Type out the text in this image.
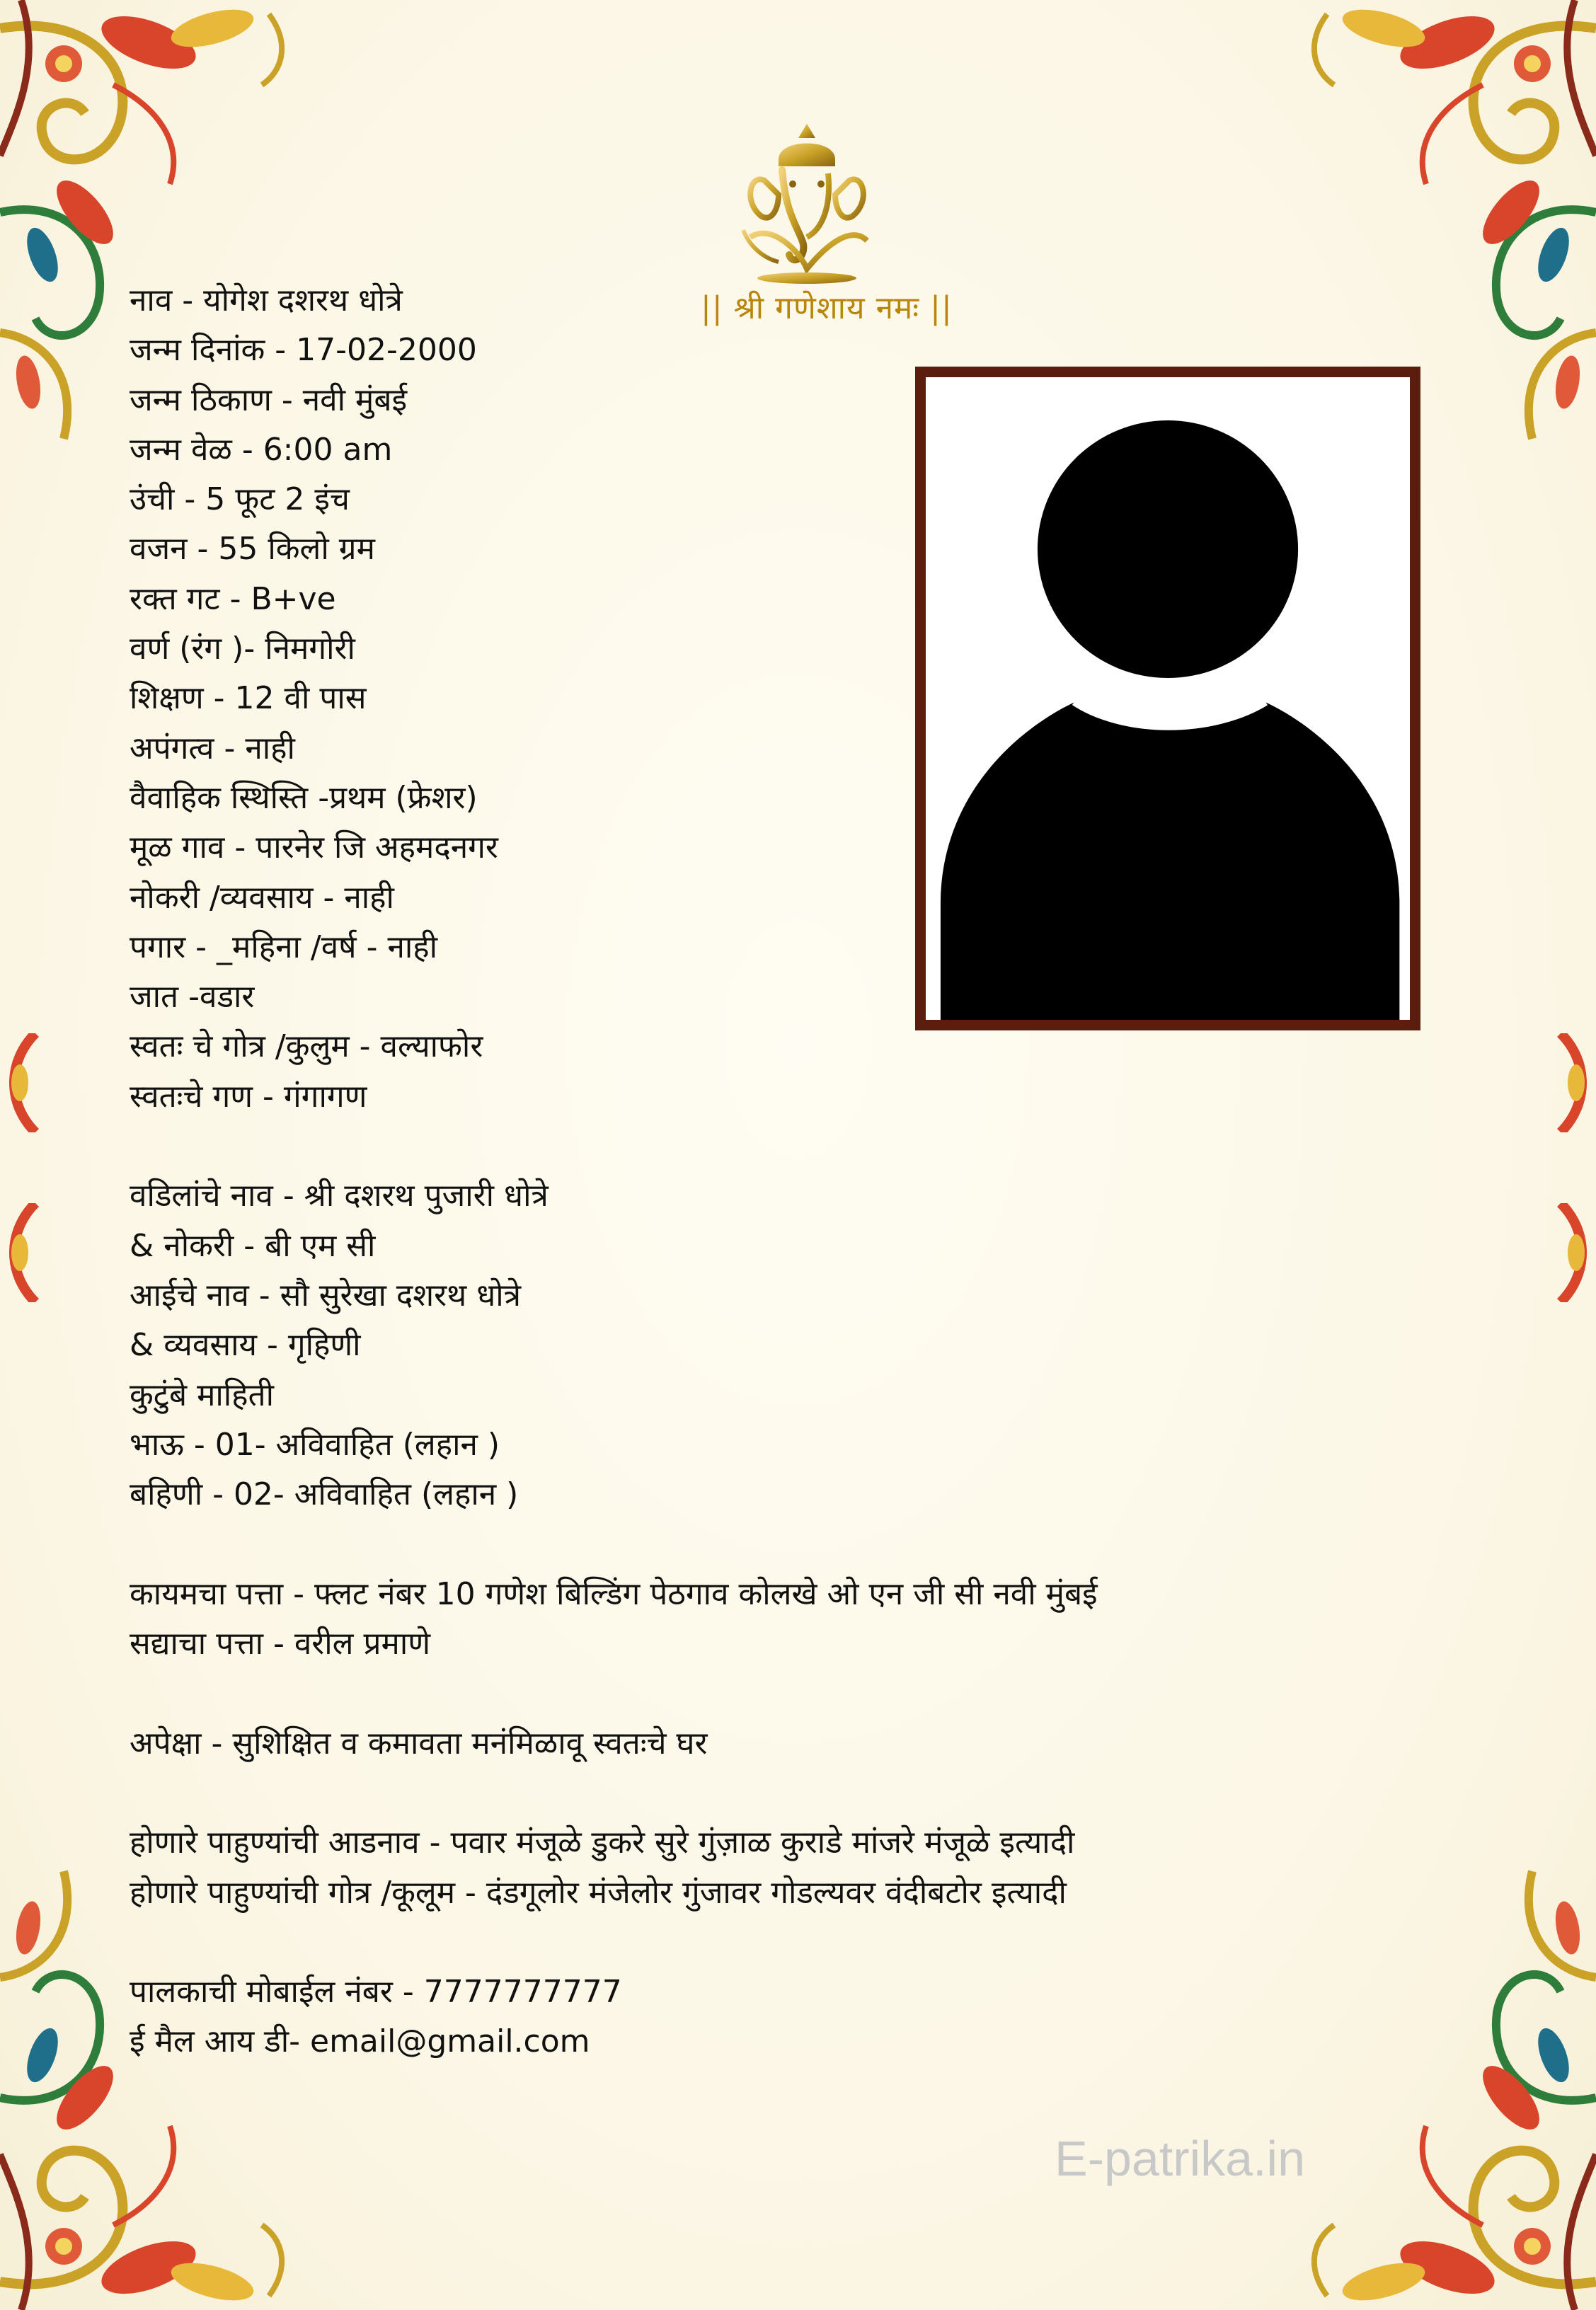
|| श्री गणेशाय नमः ||
नाव - योगेश दशरथ धोत्रे
जन्म दिनांक - 17-02-2000
जन्म ठिकाण - नवी मुंबई
जन्म वेळ - 6:00 am
उंची - 5 फूट 2 इंच
वजन - 55 किलो ग्रम
रक्त गट - B+ve
वर्ण (रंग )- निमगोरी
शिक्षण - 12 वी पास
अपंगत्व - नाही
वैवाहिक स्थिस्ति -प्रथम (फ्रेशर)
मूळ गाव - पारनेर जि अहमदनगर
नोकरी /व्यवसाय - नाही
पगार - _महिना /वर्ष - नाही
जात -वडार
स्वतः चे गोत्र /कुलुम - वल्याफोर
स्वतःचे गण - गंगागण
वडिलांचे नाव - श्री दशरथ पुजारी धोत्रे
& नोकरी - बी एम सी
आईचे नाव - सौ सुरेखा दशरथ धोत्रे
& व्यवसाय - गृहिणी
कुटुंबे माहिती
भाऊ - 01- अविवाहित (लहान )
बहिणी - 02- अविवाहित (लहान )
कायमचा पत्ता - फ्लट नंबर 10 गणेश बिल्डिंग पेठगाव कोलखे ओ एन जी सी नवी मुंबई
सद्याचा पत्ता - वरील प्रमाणे
अपेक्षा - सुशिक्षित व कमावता मनंमिळावू स्वतःचे घर
होणारे पाहुण्यांची आडनाव - पवार मंजूळे डुकरे सुरे गुंज़ाळ कुराडे मांजरे मंजूळे इत्यादी
होणारे पाहुण्यांची गोत्र /कूलूम - दंडगूलोर मंजेलोर गुंजावर गोडल्यवर वंदीबटोर इत्यादी
पालकाची मोबाईल नंबर - 7777777777
ई मैल आय डी- email@gmail.com
E-patrika.in
